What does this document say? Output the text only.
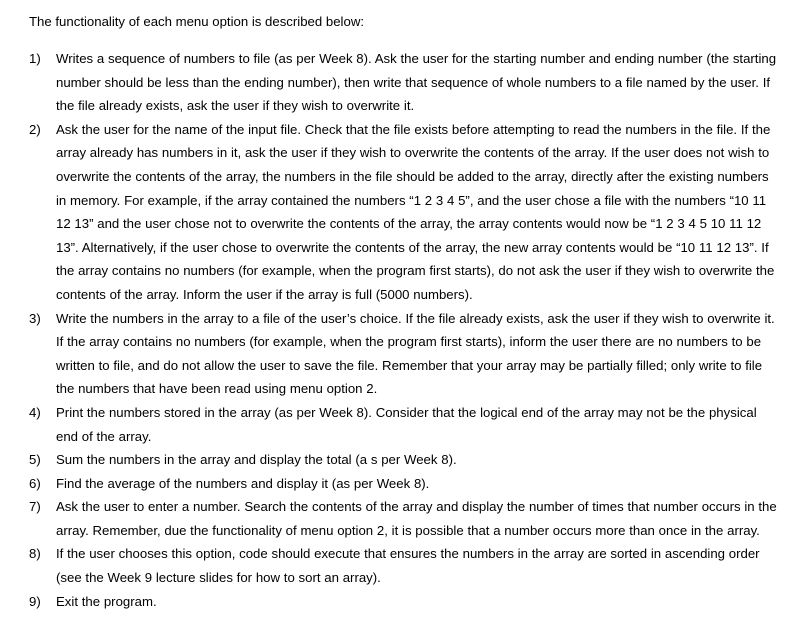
The functionality of each menu option is described below:
1) Writes a sequence of numbers to file (as per Week 8). Ask the user for the starting number and ending number (the starting number should be less than the ending number), then write that sequence of whole numbers to a file named by the user. If the file already exists, ask the user if they wish to overwrite it.
2) Ask the user for the name of the input file. Check that the file exists before attempting to read the numbers in the file. If the array already has numbers in it, ask the user if they wish to overwrite the contents of the array. If the user does not wish to overwrite the contents of the array, the numbers in the file should be added to the array, directly after the existing numbers in memory. For example, if the array contained the numbers “1 2 3 4 5”, and the user chose a file with the numbers “10 11 12 13” and the user chose not to overwrite the contents of the array, the array contents would now be “1 2 3 4 5 10 11 12 13”. Alternatively, if the user chose to overwrite the contents of the array, the new array contents would be “10 11 12 13”. If the array contains no numbers (for example, when the program first starts), do not ask the user if they wish to overwrite the contents of the array. Inform the user if the array is full (5000 numbers).
3) Write the numbers in the array to a file of the user’s choice. If the file already exists, ask the user if they wish to overwrite it. If the array contains no numbers (for example, when the program first starts), inform the user there are no numbers to be written to file, and do not allow the user to save the file. Remember that your array may be partially filled; only write to file the numbers that have been read using menu option 2.
4) Print the numbers stored in the array (as per Week 8). Consider that the logical end of the array may not be the physical end of the array.
5) Sum the numbers in the array and display the total (a s per Week 8).
6) Find the average of the numbers and display it (as per Week 8).
7) Ask the user to enter a number. Search the contents of the array and display the number of times that number occurs in the array. Remember, due the functionality of menu option 2, it is possible that a number occurs more than once in the array.
8) If the user chooses this option, code should execute that ensures the numbers in the array are sorted in ascending order (see the Week 9 lecture slides for how to sort an array).
9) Exit the program.
